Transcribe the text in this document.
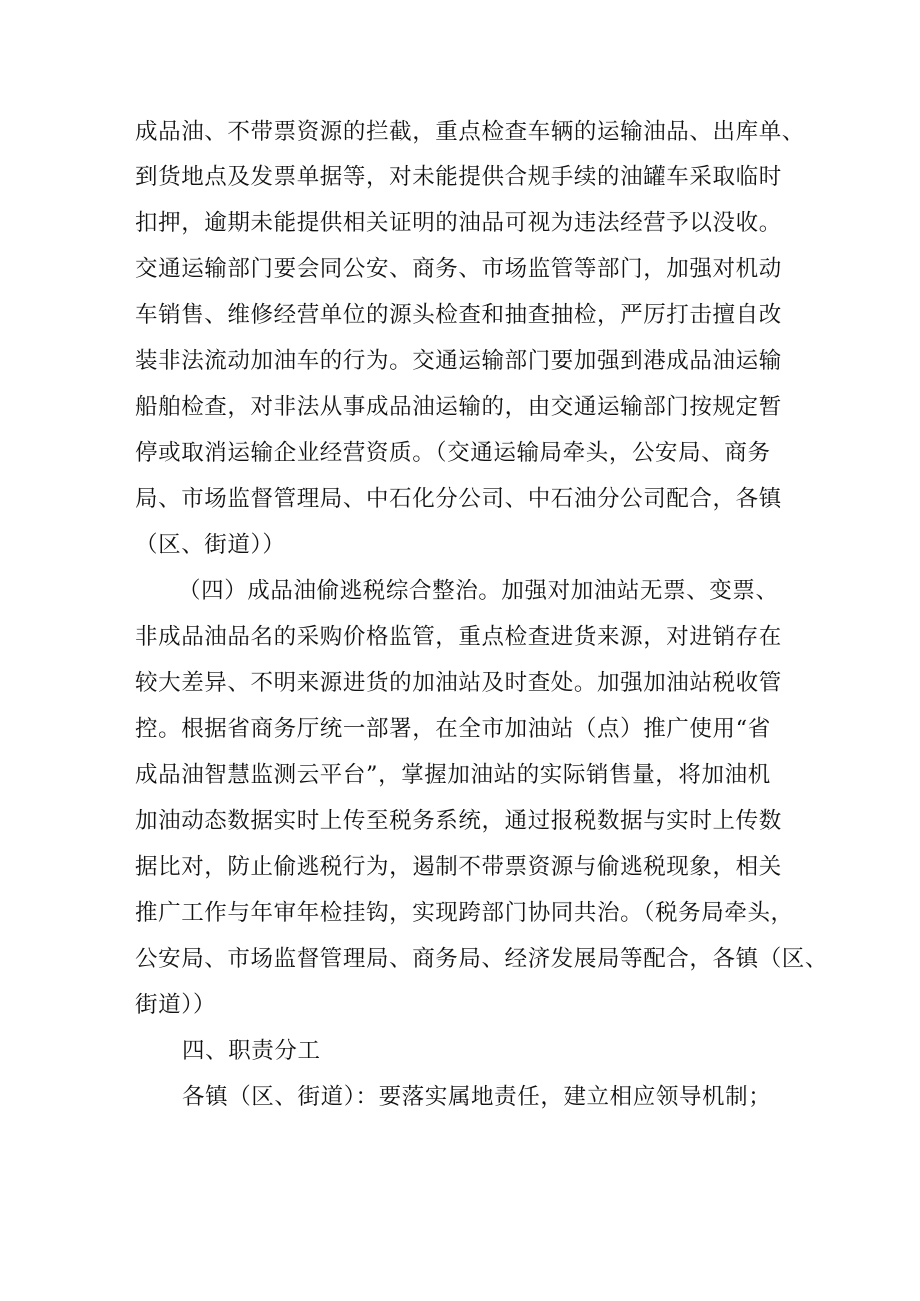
成品油、不带票资源的拦截，重点检查车辆的运输油品、出库单、
到货地点及发票单据等，对未能提供合规手续的油罐车采取临时
扣押，逾期未能提供相关证明的油品可视为违法经营予以没收。
交通运输部门要会同公安、商务、市场监管等部门，加强对机动
车销售、维修经营单位的源头检查和抽查抽检，严厉打击擅自改
装非法流动加油车的行为。交通运输部门要加强到港成品油运输
船舶检查，对非法从事成品油运输的，由交通运输部门按规定暂
停或取消运输企业经营资质。（交通运输局牵头，公安局、商务
局、市场监督管理局、中石化分公司、中石油分公司配合，各镇
（区、街道））
（四）成品油偷逃税综合整治。加强对加油站无票、变票、
非成品油品名的采购价格监管，重点检查进货来源，对进销存在
较大差异、不明来源进货的加油站及时查处。加强加油站税收管
控。根据省商务厅统一部署，在全市加油站（点）推广使用“省
成品油智慧监测云平台”，掌握加油站的实际销售量，将加油机
加油动态数据实时上传至税务系统，通过报税数据与实时上传数
据比对，防止偷逃税行为，遏制不带票资源与偷逃税现象，相关
推广工作与年审年检挂钩，实现跨部门协同共治。（税务局牵头，
公安局、市场监督管理局、商务局、经济发展局等配合，各镇（区、
街道））
四、职责分工
各镇（区、街道）：要落实属地责任，建立相应领导机制；
